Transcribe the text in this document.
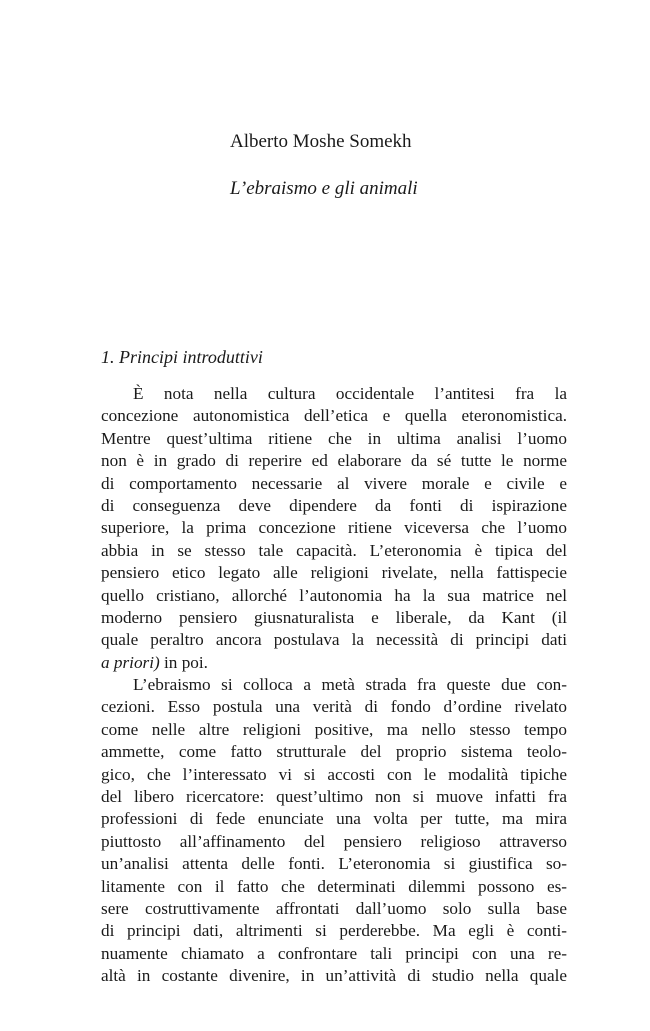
Alberto Moshe Somekh
L’ebraismo e gli animali
1. Principi introduttivi
È nota nella cultura occidentale l’antitesi fra la
concezione autonomistica dell’etica e quella eteronomistica.
Mentre quest’ultima ritiene che in ultima analisi l’uomo
non è in grado di reperire ed elaborare da sé tutte le norme
di comportamento necessarie al vivere morale e civile e
di conseguenza deve dipendere da fonti di ispirazione
superiore, la prima concezione ritiene viceversa che l’uomo
abbia in se stesso tale capacità. L’eteronomia è tipica del
pensiero etico legato alle religioni rivelate, nella fattispecie
quello cristiano, allorché l’autonomia ha la sua matrice nel
moderno pensiero giusnaturalista e liberale, da Kant (il
quale peraltro ancora postulava la necessità di principi dati
a priori) in poi.
L’ebraismo si colloca a metà strada fra queste due con-
cezioni. Esso postula una verità di fondo d’ordine rivelato
come nelle altre religioni positive, ma nello stesso tempo
ammette, come fatto strutturale del proprio sistema teolo-
gico, che l’interessato vi si accosti con le modalità tipiche
del libero ricercatore: quest’ultimo non si muove infatti fra
professioni di fede enunciate una volta per tutte, ma mira
piuttosto all’affinamento del pensiero religioso attraverso
un’analisi attenta delle fonti. L’eteronomia si giustifica so-
litamente con il fatto che determinati dilemmi possono es-
sere costruttivamente affrontati dall’uomo solo sulla base
di principi dati, altrimenti si perderebbe. Ma egli è conti-
nuamente chiamato a confrontare tali principi con una re-
altà in costante divenire, in un’attività di studio nella quale
